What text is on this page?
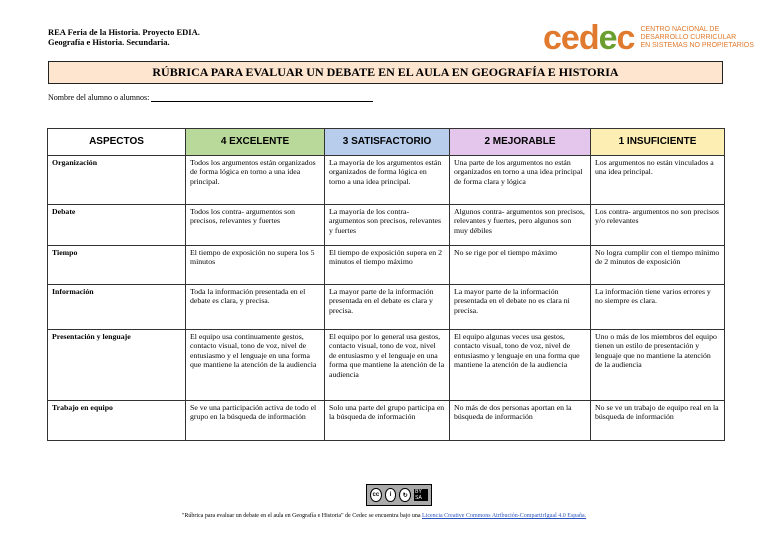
REA Feria de la Historia. Proyecto EDIA.
Geografía e Historia. Secundaria.	cedec CENTRO NACIONAL DE
DESARROLLO CURRICULAR
EN SISTEMAS NO PROPIETARIOS
RÚBRICA PARA EVALUAR UN DEBATE EN EL AULA EN GEOGRAFÍA E HISTORIA
Nombre del alumno o alumnos:
ASPECTOS	4 EXCELENTE	3 SATISFACTORIO	2 MEJORABLE	1 INSUFICIENTE
Organización	Todos los argumentos están organizados de forma lógica en torno a una idea principal.	La mayoría de los argumentos están organizados de forma lógica en torno a una idea principal.	Una parte de los argumentos no están organizados en torno a una idea principal de forma clara y lógica	Los argumentos no están vinculados a una idea principal.
Debate	Todos los contra- argumentos son precisos, relevantes y fuertes	La mayoría de los contra-argumentos son precisos, relevantes y fuertes	Algunos contra- argumentos son precisos, relevantes y fuertes, pero algunos son muy débiles	Los contra- argumentos no son precisos y/o relevantes
Tiempo	El tiempo de exposición no supera los 5 minutos	El tiempo de exposición supera en 2 minutos el tiempo máximo	No se rige por el tiempo máximo	No logra cumplir con el tiempo mínimo de 2 minutos de exposición
Información	Toda la información presentada en el debate es clara, y precisa.	La mayor parte de la información presentada en el debate es clara y precisa.	La mayor parte de la información presentada en el debate no es clara ni precisa.	La información tiene varios errores y no siempre es clara.
Presentación y lenguaje	El equipo usa continuamente gestos, contacto visual, tono de voz, nivel de entusiasmo y el lenguaje en una forma que mantiene la atención de la audiencia	El equipo por lo general usa gestos, contacto visual, tono de voz, nivel de entusiasmo y el lenguaje en una forma que mantiene la atención de la audiencia	El equipo algunas veces usa gestos, contacto visual, tono de voz, nivel de entusiasmo y lenguaje en una forma que mantiene la atención de la audiencia	Uno o más de los miembros del equipo tienen un estilo de presentación y lenguaje que no mantiene la atención de la audiencia
Trabajo en equipo	Se ve una participación activa de todo el grupo en la búsqueda de información	Solo una parte del grupo participa en la búsqueda de información	No más de dos personas aportan en la búsqueda de información	No se ve un trabajo de equipo real en la búsqueda de información
cc	i	↻
BY SA
"Rúbrica para evaluar un debate en el aula en Geografía e Historia" de Cedec se encuentra bajo una Licencia Creative Commons Atribución-CompartirIgual 4.0 España.
